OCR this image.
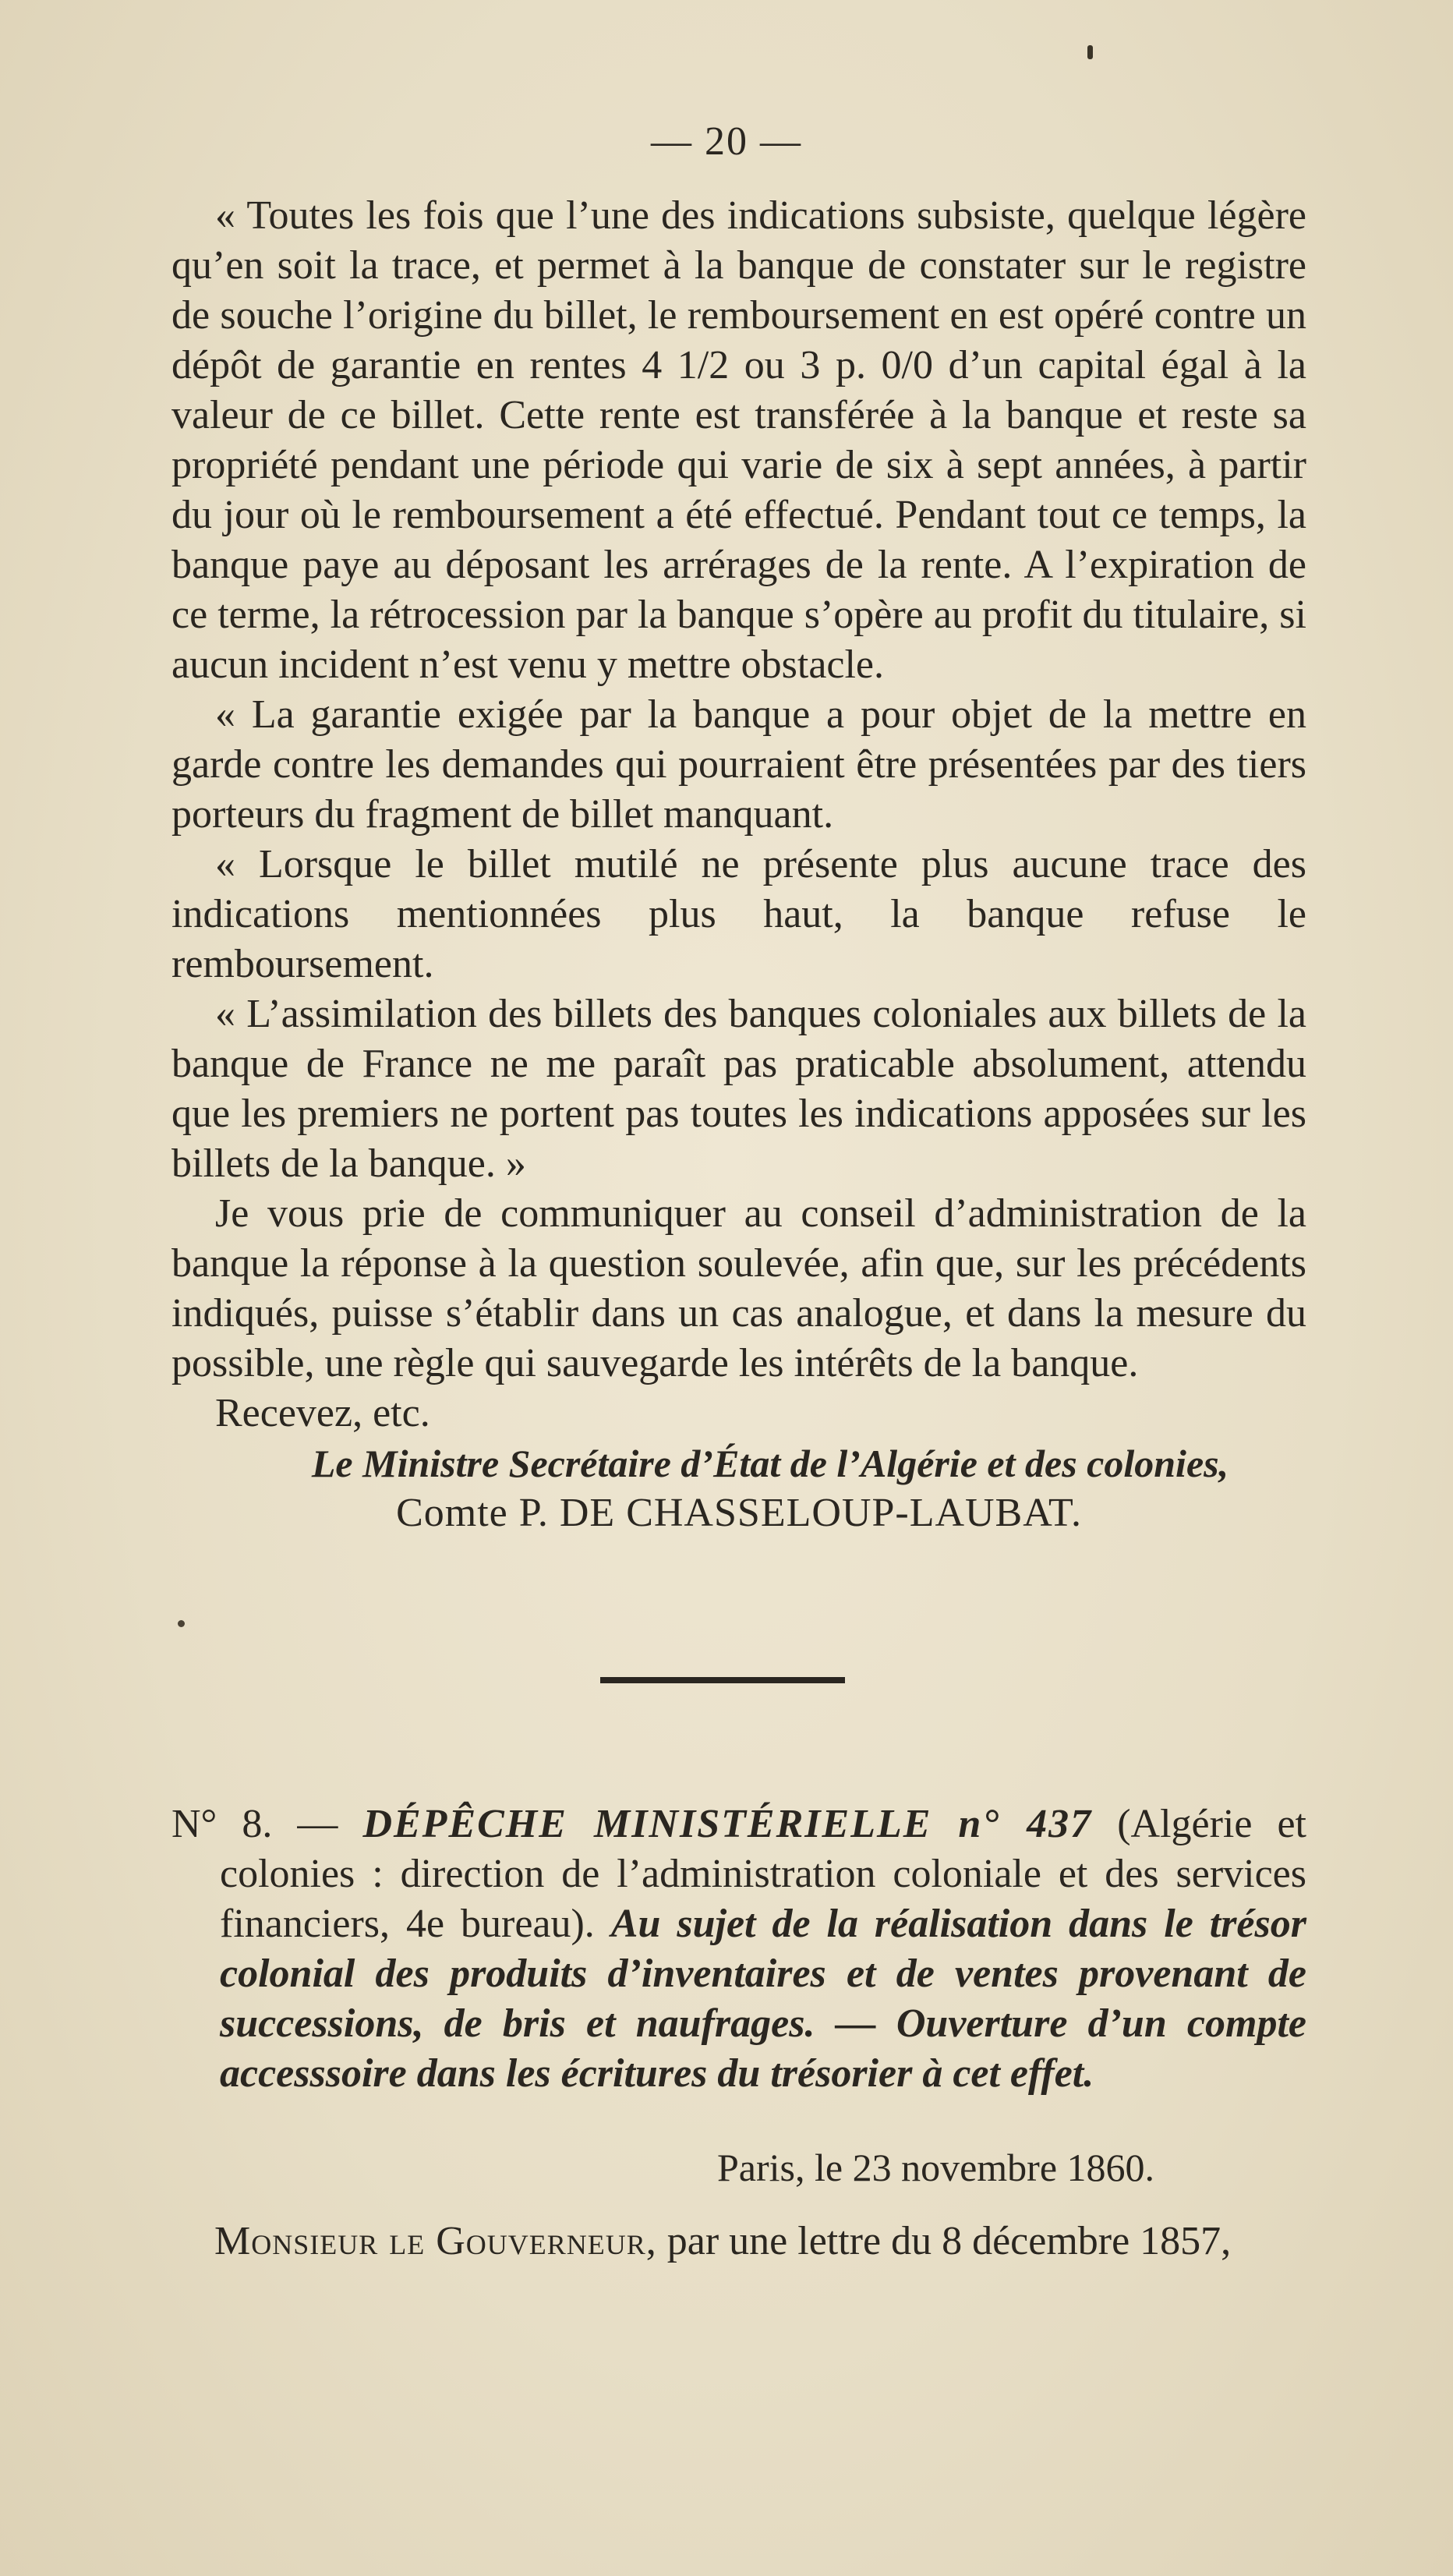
— 20 —

« Toutes les fois que l’une des indications subsiste, quelque légère qu’en soit la trace, et permet à la banque de constater sur le registre de souche l’origine du billet, le remboursement en est opéré contre un dépôt de garantie en rentes 4 1/2 ou 3 p. 0/0 d’un capital égal à la valeur de ce billet. Cette rente est transférée à la banque et reste sa propriété pendant une période qui varie de six à sept années, à partir du jour où le remboursement a été effectué. Pendant tout ce temps, la banque paye au déposant les arrérages de la rente. A l’expiration de ce terme, la rétrocession par la banque s’opère au profit du titulaire, si aucun incident n’est venu y mettre obstacle.

« La garantie exigée par la banque a pour objet de la mettre en garde contre les demandes qui pourraient être présentées par des tiers porteurs du fragment de billet manquant.

« Lorsque le billet mutilé ne présente plus aucune trace des indications mentionnées plus haut, la banque refuse le remboursement.

« L’assimilation des billets des banques coloniales aux billets de la banque de France ne me paraît pas praticable absolument, attendu que les premiers ne portent pas toutes les indications apposées sur les billets de la banque. »

Je vous prie de communiquer au conseil d’administration de la banque la réponse à la question soulevée, afin que, sur les précédents indiqués, puisse s’établir dans un cas analogue, et dans la mesure du possible, une règle qui sauvegarde les intérêts de la banque.

Recevez, etc.

Le Ministre Secrétaire d’État de l’Algérie et des colonies,

Comte P. DE CHASSELOUP-LAUBAT.

N° 8. — DÉPÊCHE MINISTÉRIELLE n° 437 (Algérie et colonies : direction de l’administration coloniale et des services financiers, 4e bureau). Au sujet de la réalisation dans le trésor colonial des produits d’inventaires et de ventes provenant de successions, de bris et naufrages. — Ouverture d’un compte accesssoire dans les écritures du trésorier à cet effet.
Paris, le 23 novembre 1860.
Monsieur le Gouverneur, par une lettre du 8 décembre 1857,
